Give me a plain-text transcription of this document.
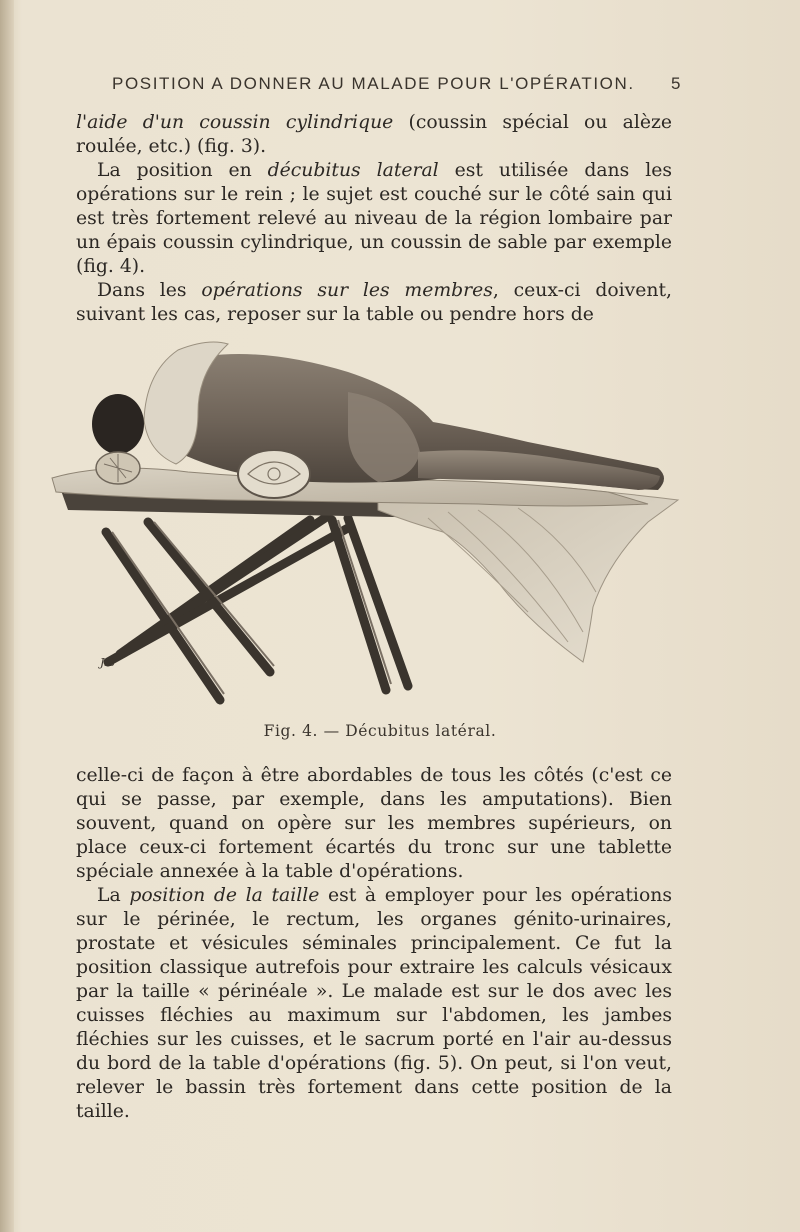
POSITION A DONNER AU MALADE POUR L'OPÉRATION. 5

l'aide d'un coussin cylindrique (coussin spécial ou alèze roulée, etc.) (fig. 3).

La position en décubitus lateral est utilisée dans les opérations sur le rein ; le sujet est couché sur le côté sain qui est très fortement relevé au niveau de la région lombaire par un épais coussin cylindrique, un coussin de sable par exemple (fig. 4).

Dans les opérations sur les membres, ceux-ci doivent, suivant les cas, reposer sur la table ou pendre hors de

J.B
Fig. 4. — Décubitus latéral.

celle-ci de façon à être abordables de tous les côtés (c'est ce qui se passe, par exemple, dans les amputations). Bien souvent, quand on opère sur les membres supérieurs, on place ceux-ci fortement écartés du tronc sur une tablette spéciale annexée à la table d'opérations.

La position de la taille est à employer pour les opérations sur le périnée, le rectum, les organes génito-urinaires, prostate et vésicules séminales principalement. Ce fut la position classique autrefois pour extraire les calculs vésicaux par la taille « périnéale ». Le malade est sur le dos avec les cuisses fléchies au maximum sur l'abdomen, les jambes fléchies sur les cuisses, et le sacrum porté en l'air au-dessus du bord de la table d'opérations (fig. 5). On peut, si l'on veut, relever le bassin très fortement dans cette position de la taille.
